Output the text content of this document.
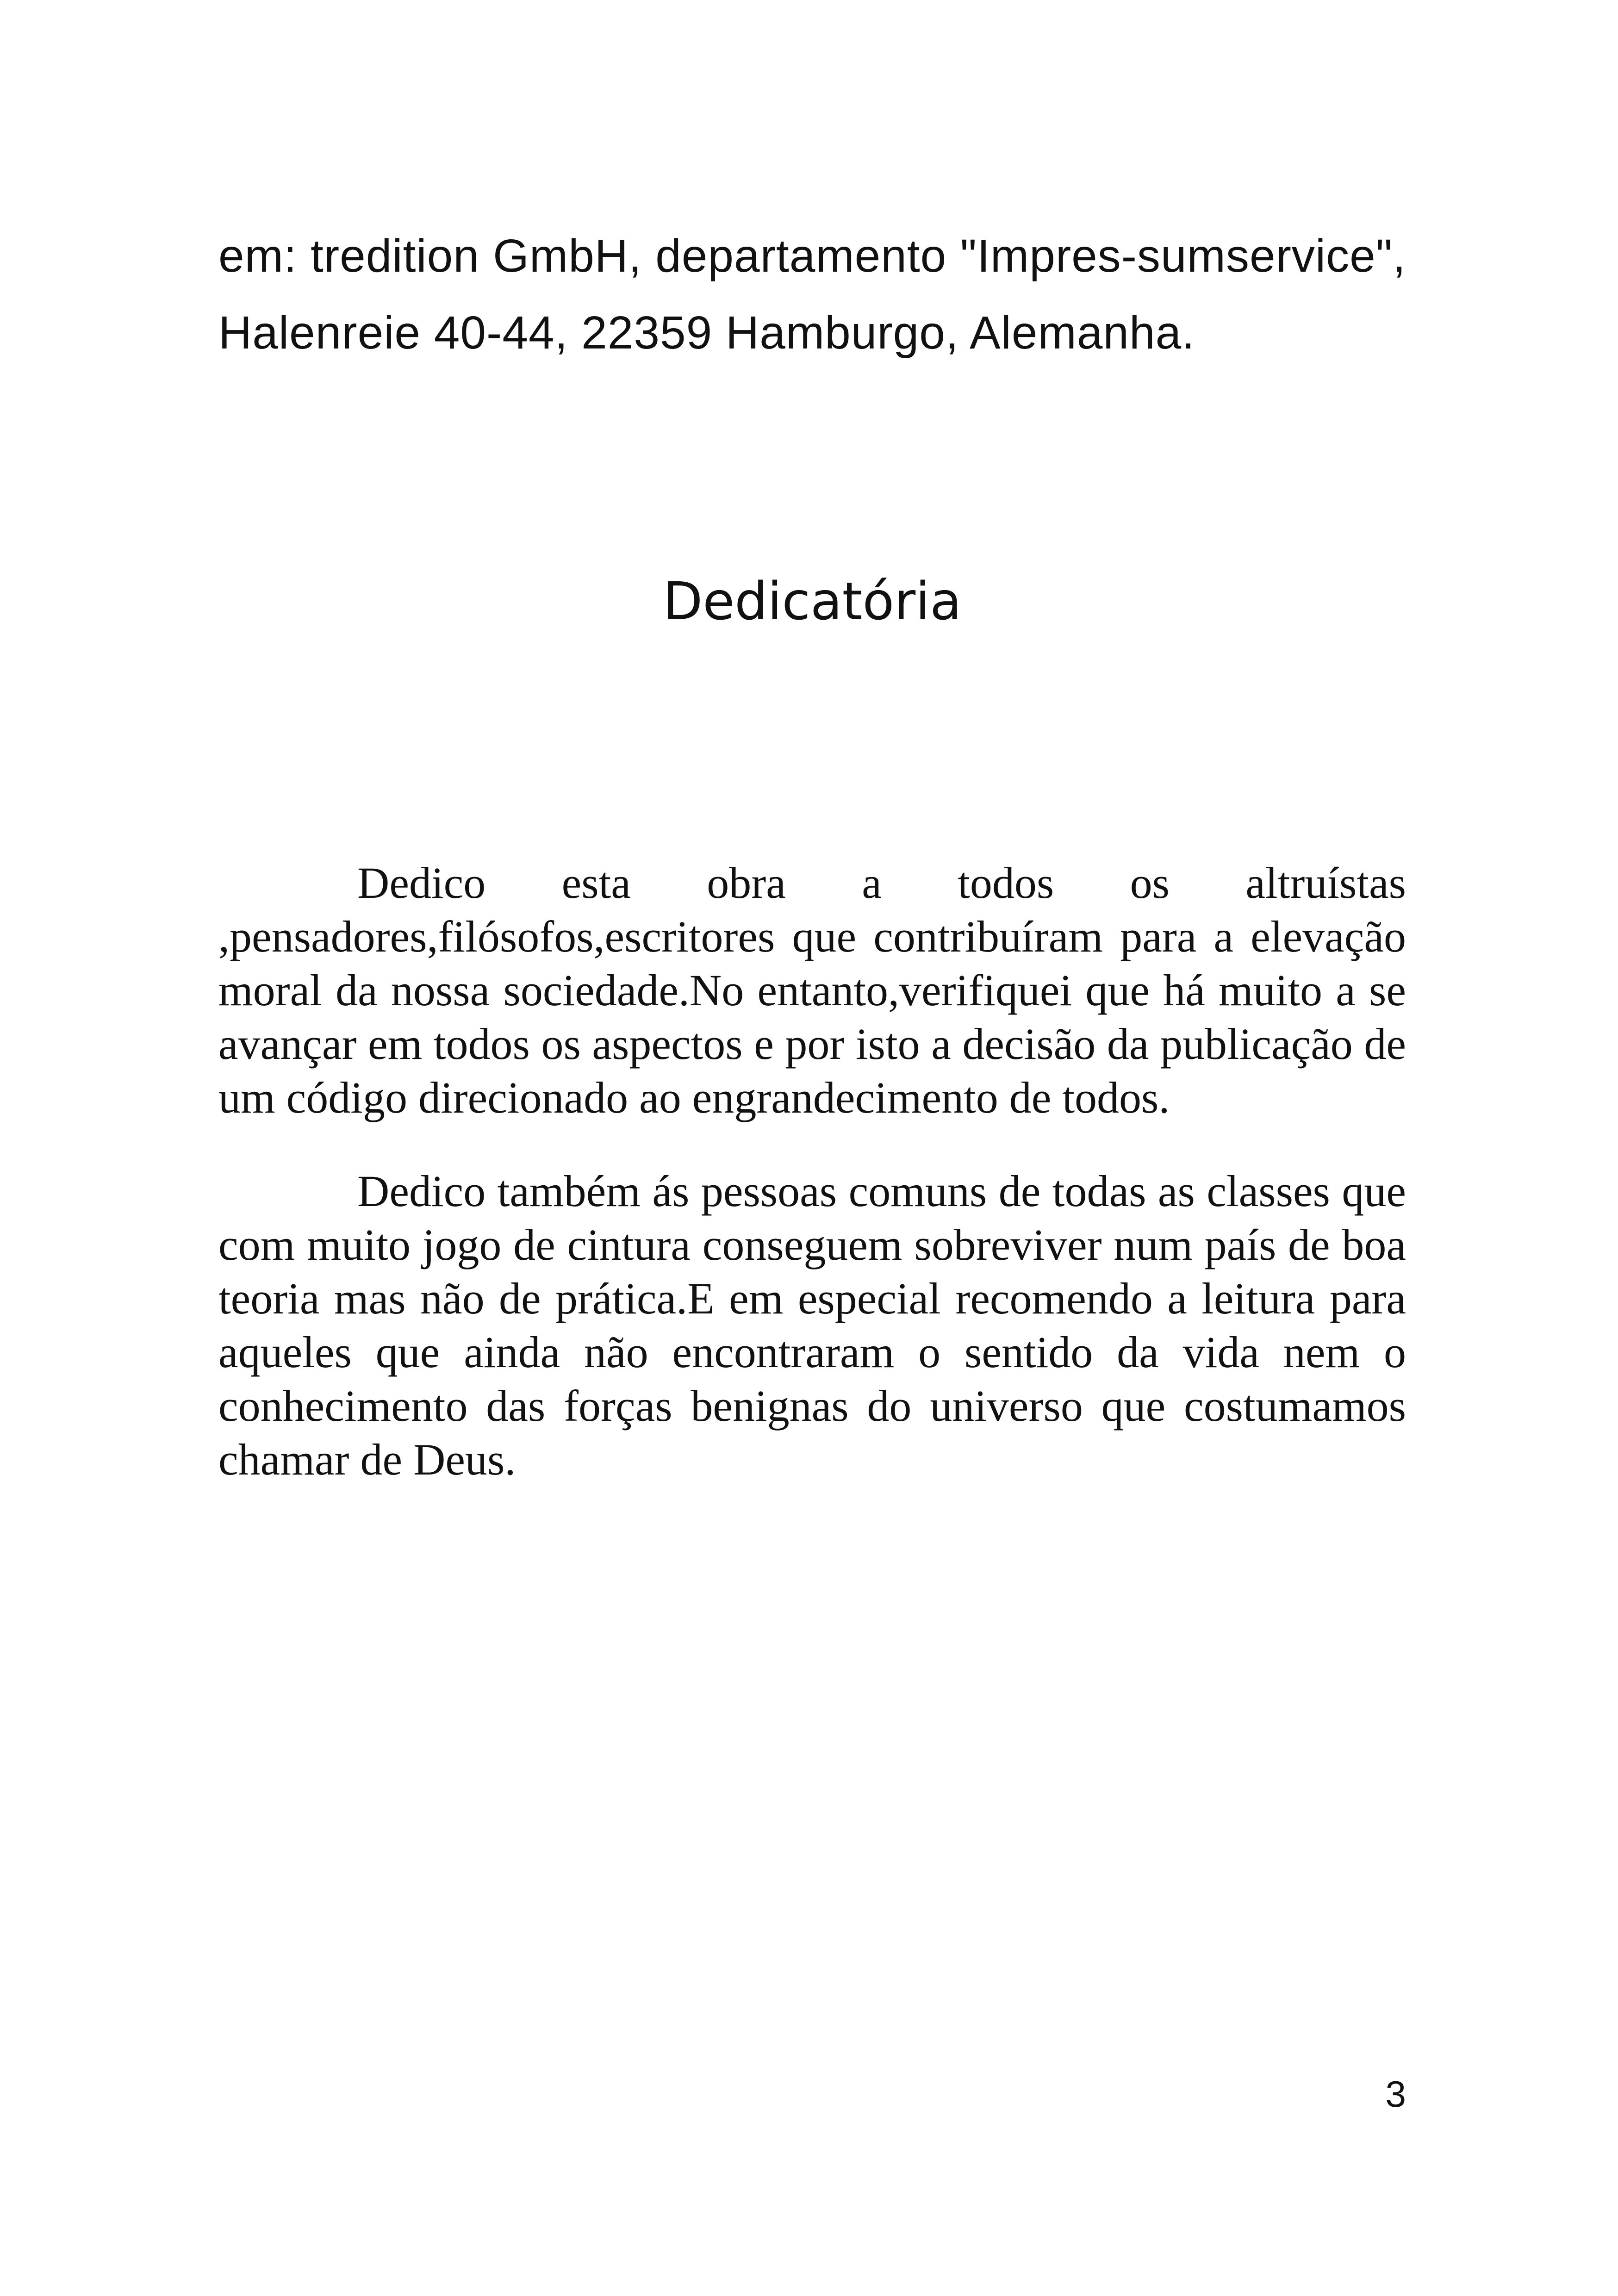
em: tredition GmbH, departamento "Impres-sumservice", Halenreie 40-44, 22359 Hamburgo, Alemanha.

Dedicatória

Dedico esta obra a todos os altruístas ,pensadores,filósofos,escritores que contribuíram para a elevação moral da nossa sociedade.No entanto,verifiquei que há muito a se avançar em todos os aspectos e por isto a decisão da publicação de um código direcionado ao engrandecimento de todos.

Dedico também ás pessoas comuns de todas as classes que com muito jogo de cintura conseguem sobreviver num país de boa teoria mas não de prática.E em especial recomendo a leitura para aqueles que ainda não encontraram o sentido da vida nem o conhecimento das forças benignas do universo que costumamos chamar de Deus.

3
